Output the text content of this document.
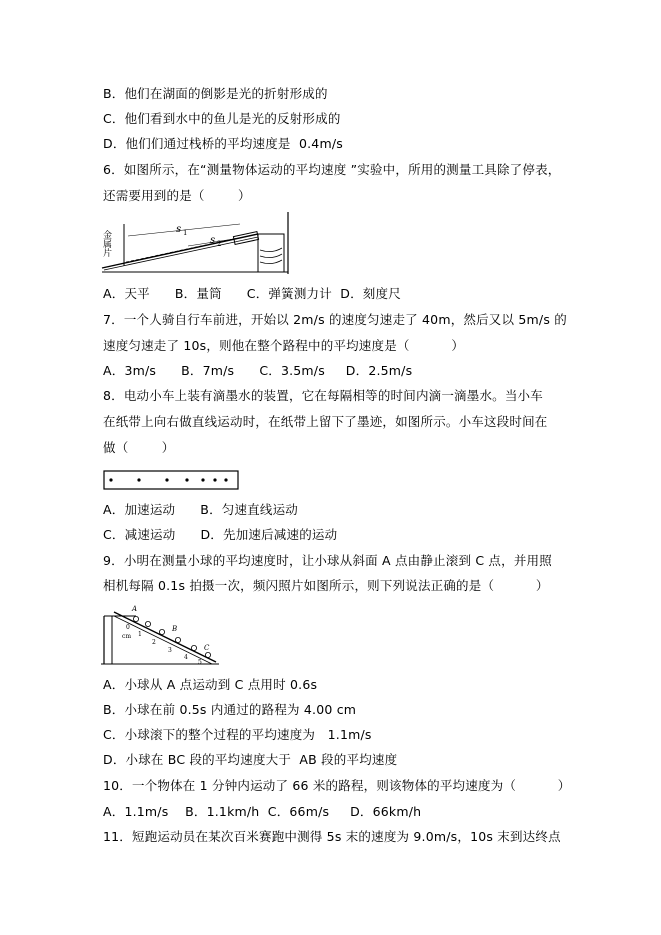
B．他们在湖面的倒影是光的折射形成的
C．他们看到水中的鱼儿是光的反射形成的
D．他们们通过栈桥的平均速度是  0.4m/s
6．如图所示，在“测量物体运动的平均速度 ”实验中，所用的测量工具除了停表，
还需要用到的是（        ）
金属片
s 1
s 2
A．天平      B．量筒      C．弹簧测力计  D．刻度尺
7．一个人骑自行车前进，开始以 2m/s 的速度匀速走了 40m，然后又以 5m/s 的
速度匀速走了 10s，则他在整个路程中的平均速度是（          ）
A．3m/s      B．7m/s      C．3.5m/s     D．2.5m/s
8．电动小车上装有滴墨水的装置，它在每隔相等的时间内滴一滴墨水。当小车
在纸带上向右做直线运动时，在纸带上留下了墨迹，如图所示。小车这段时间在
做（        ）
A．加速运动      B．匀速直线运动
C．减速运动      D．先加速后减速的运动
9．小明在测量小球的平均速度时，让小球从斜面 A 点由静止滚到 C 点，并用照
相机每隔 0.1s 拍摄一次，频闪照片如图所示，则下列说法正确的是（          ）
A
B
C
cm
0
1
2
3
4
5
A．小球从 A 点运动到 C 点用时 0.6s
B．小球在前 0.5s 内通过的路程为 4.00 cm
C．小球滚下的整个过程的平均速度为   1.1m/s
D．小球在 BC 段的平均速度大于  AB 段的平均速度
10．一个物体在 1 分钟内运动了 66 米的路程，则该物体的平均速度为（          ）
A．1.1m/s    B．1.1km/h  C．66m/s     D．66km/h
11．短跑运动员在某次百米赛跑中测得 5s 末的速度为 9.0m/s，10s 末到达终点
